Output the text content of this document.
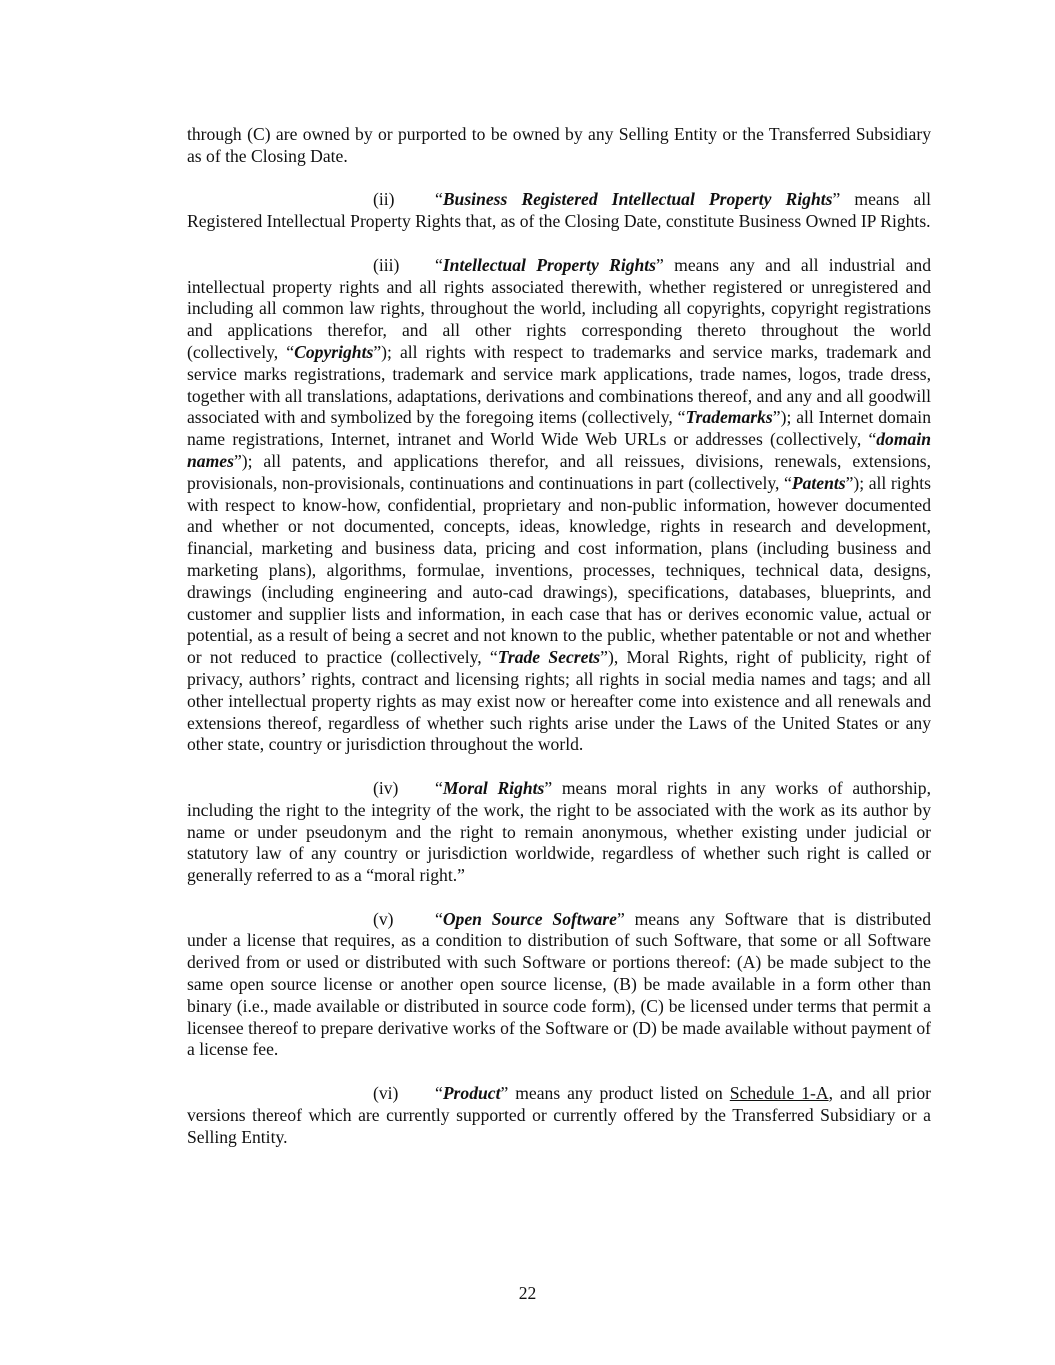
through (C) are owned by or purported to be owned by any Selling Entity or the Transferred Subsidiary as of the Closing Date.

(ii) “Business Registered Intellectual Property Rights” means all Registered Intellectual Property Rights that, as of the Closing Date, constitute Business Owned IP Rights.

(iii) “Intellectual Property Rights” means any and all industrial and intellectual property rights and all rights associated therewith, whether registered or unregistered and including all common law rights, throughout the world, including all copyrights, copyright registrations and applications therefor, and all other rights corresponding thereto throughout the world (collectively, “Copyrights”); all rights with respect to trademarks and service marks, trademark and service marks registrations, trademark and service mark applications, trade names, logos, trade dress, together with all translations, adaptations, derivations and combinations thereof, and any and all goodwill associated with and symbolized by the foregoing items (collectively, “Trademarks”); all Internet domain name registrations, Internet, intranet and World Wide Web URLs or addresses (collectively, “domain names”); all patents, and applications therefor, and all reissues, divisions, renewals, extensions, provisionals, non-provisionals, continuations and continuations in part (collectively, “Patents”); all rights with respect to know-how, confidential, proprietary and non-public information, however documented and whether or not documented, concepts, ideas, knowledge, rights in research and development, financial, marketing and business data, pricing and cost information, plans (including business and marketing plans), algorithms, formulae, inventions, processes, techniques, technical data, designs, drawings (including engineering and auto-cad drawings), specifications, databases, blueprints, and customer and supplier lists and information, in each case that has or derives economic value, actual or potential, as a result of being a secret and not known to the public, whether patentable or not and whether or not reduced to practice (collectively, “Trade Secrets”), Moral Rights, right of publicity, right of privacy, authors’ rights, contract and licensing rights; all rights in social media names and tags; and all other intellectual property rights as may exist now or hereafter come into existence and all renewals and extensions thereof, regardless of whether such rights arise under the Laws of the United States or any other state, country or jurisdiction throughout the world.

(iv) “Moral Rights” means moral rights in any works of authorship, including the right to the integrity of the work, the right to be associated with the work as its author by name or under pseudonym and the right to remain anonymous, whether existing under judicial or statutory law of any country or jurisdiction worldwide, regardless of whether such right is called or generally referred to as a “moral right.”

(v) “Open Source Software” means any Software that is distributed under a license that requires, as a condition to distribution of such Software, that some or all Software derived from or used or distributed with such Software or portions thereof: (A) be made subject to the same open source license or another open source license, (B) be made available in a form other than binary (i.e., made available or distributed in source code form), (C) be licensed under terms that permit a licensee thereof to prepare derivative works of the Software or (D) be made available without payment of a license fee.

(vi) “Product” means any product listed on Schedule 1-A, and all prior versions thereof which are currently supported or currently offered by the Transferred Subsidiary or a Selling Entity.

22
